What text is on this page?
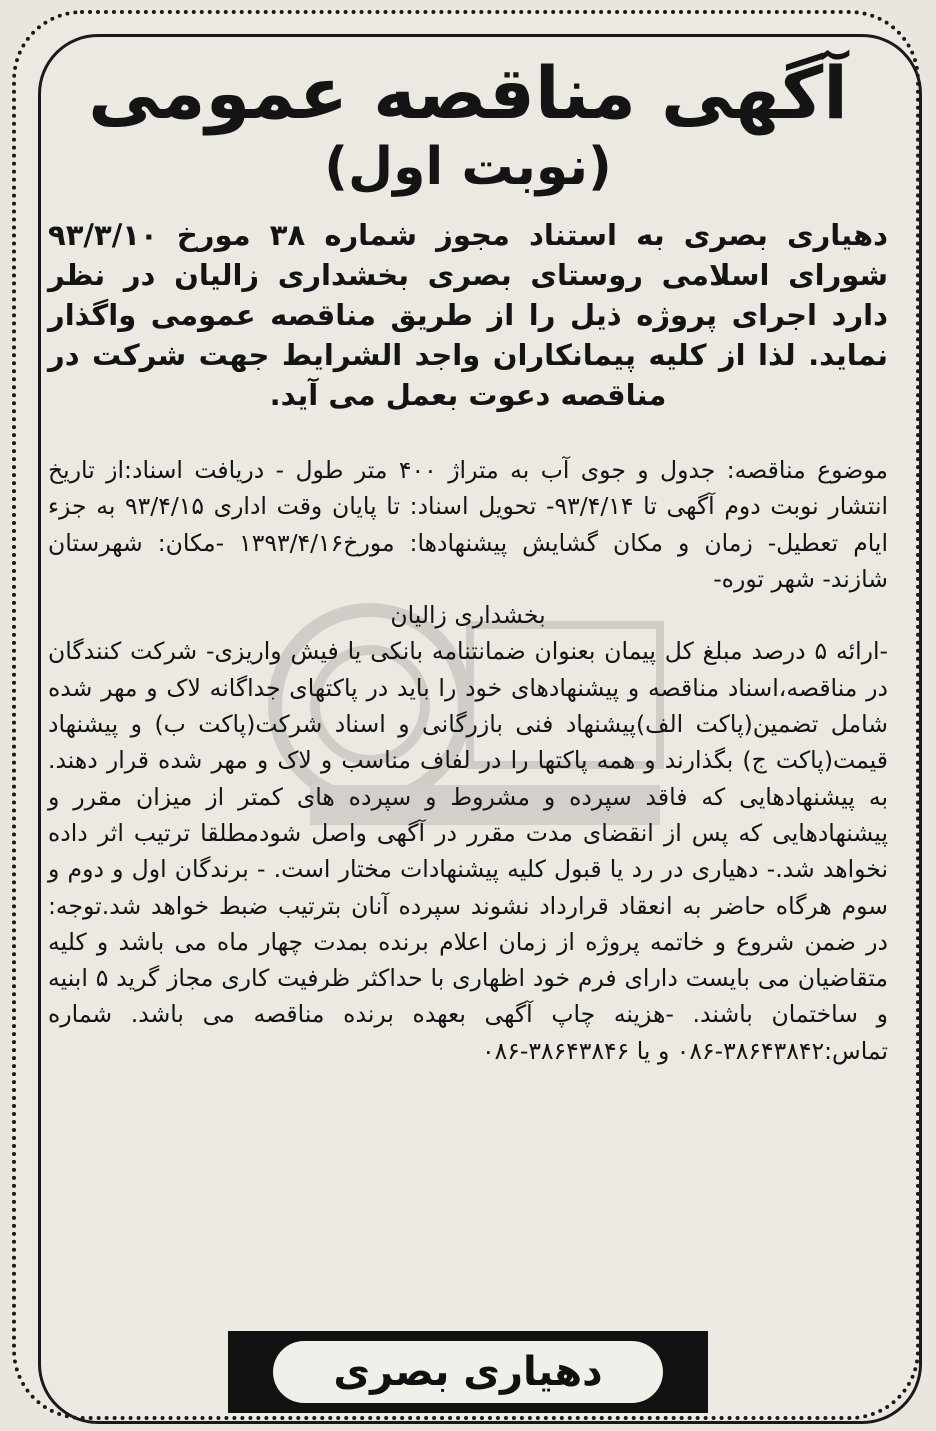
آگهی مناقصه عمومی
(نوبت اول)

دهیاری بصری به استناد مجوز شماره ۳۸ مورخ ۹۳/۳/۱۰ شورای اسلامی روستای بصری بخشداری زالیان در نظر دارد اجرای پروژه ذیل را از طریق مناقصه عمومی واگذار نماید. لذا از کلیه پیمانکاران واجد الشرایط جهت شرکت در مناقصه دعوت بعمل می آید.

موضوع مناقصه: جدول و جوی آب به متراژ ۴۰۰ متر طول - دریافت اسناد:از تاریخ انتشار نوبت دوم آگهی تا ۹۳/۴/۱۴- تحویل اسناد: تا پایان وقت اداری ۹۳/۴/۱۵ به جزء ایام تعطیل- زمان و مکان گشایش پیشنهادها: مورخ۱۳۹۳/۴/۱۶ -مکان: شهرستان شازند- شهر توره-

بخشداری زالیان

-ارائه ۵ درصد مبلغ کل پیمان بعنوان ضمانتنامه بانکی یا فیش واریزی- شرکت کنندگان در مناقصه،اسناد مناقصه و پیشنهادهای خود را باید در پاکتهای جداگانه لاک و مهر شده شامل تضمین(پاکت الف)پیشنهاد فنی بازرگانی و اسناد شرکت(پاکت ب) و پیشنهاد قیمت(پاکت ج) بگذارند و همه پاکتها را در لفاف مناسب و لاک و مهر شده قرار دهند. به پیشنهادهایی که فاقد سپرده و مشروط و سپرده های کمتر از میزان مقرر و پیشنهادهایی که پس از انقضای مدت مقرر در آگهی واصل شودمطلقا ترتیب اثر داده نخواهد شد.- دهیاری در رد یا قبول کلیه پیشنهادات مختار است. - برندگان اول و دوم و سوم هرگاه حاضر به انعقاد قرارداد نشوند سپرده آنان بترتیب ضبط خواهد شد.توجه: در ضمن شروع و خاتمه پروژه از زمان اعلام برنده بمدت چهار ماه می باشد و کلیه متقاضیان می بایست دارای فرم خود اظهاری با حداکثر ظرفیت کاری مجاز گرید ۵ ابنیه و ساختمان باشند. -هزینه چاپ آگهی بعهده برنده مناقصه می باشد. شماره تماس:۳۸۶۴۳۸۴۲-۰۸۶ و یا ۳۸۶۴۳۸۴۶-۰۸۶

دهیاری بصری
